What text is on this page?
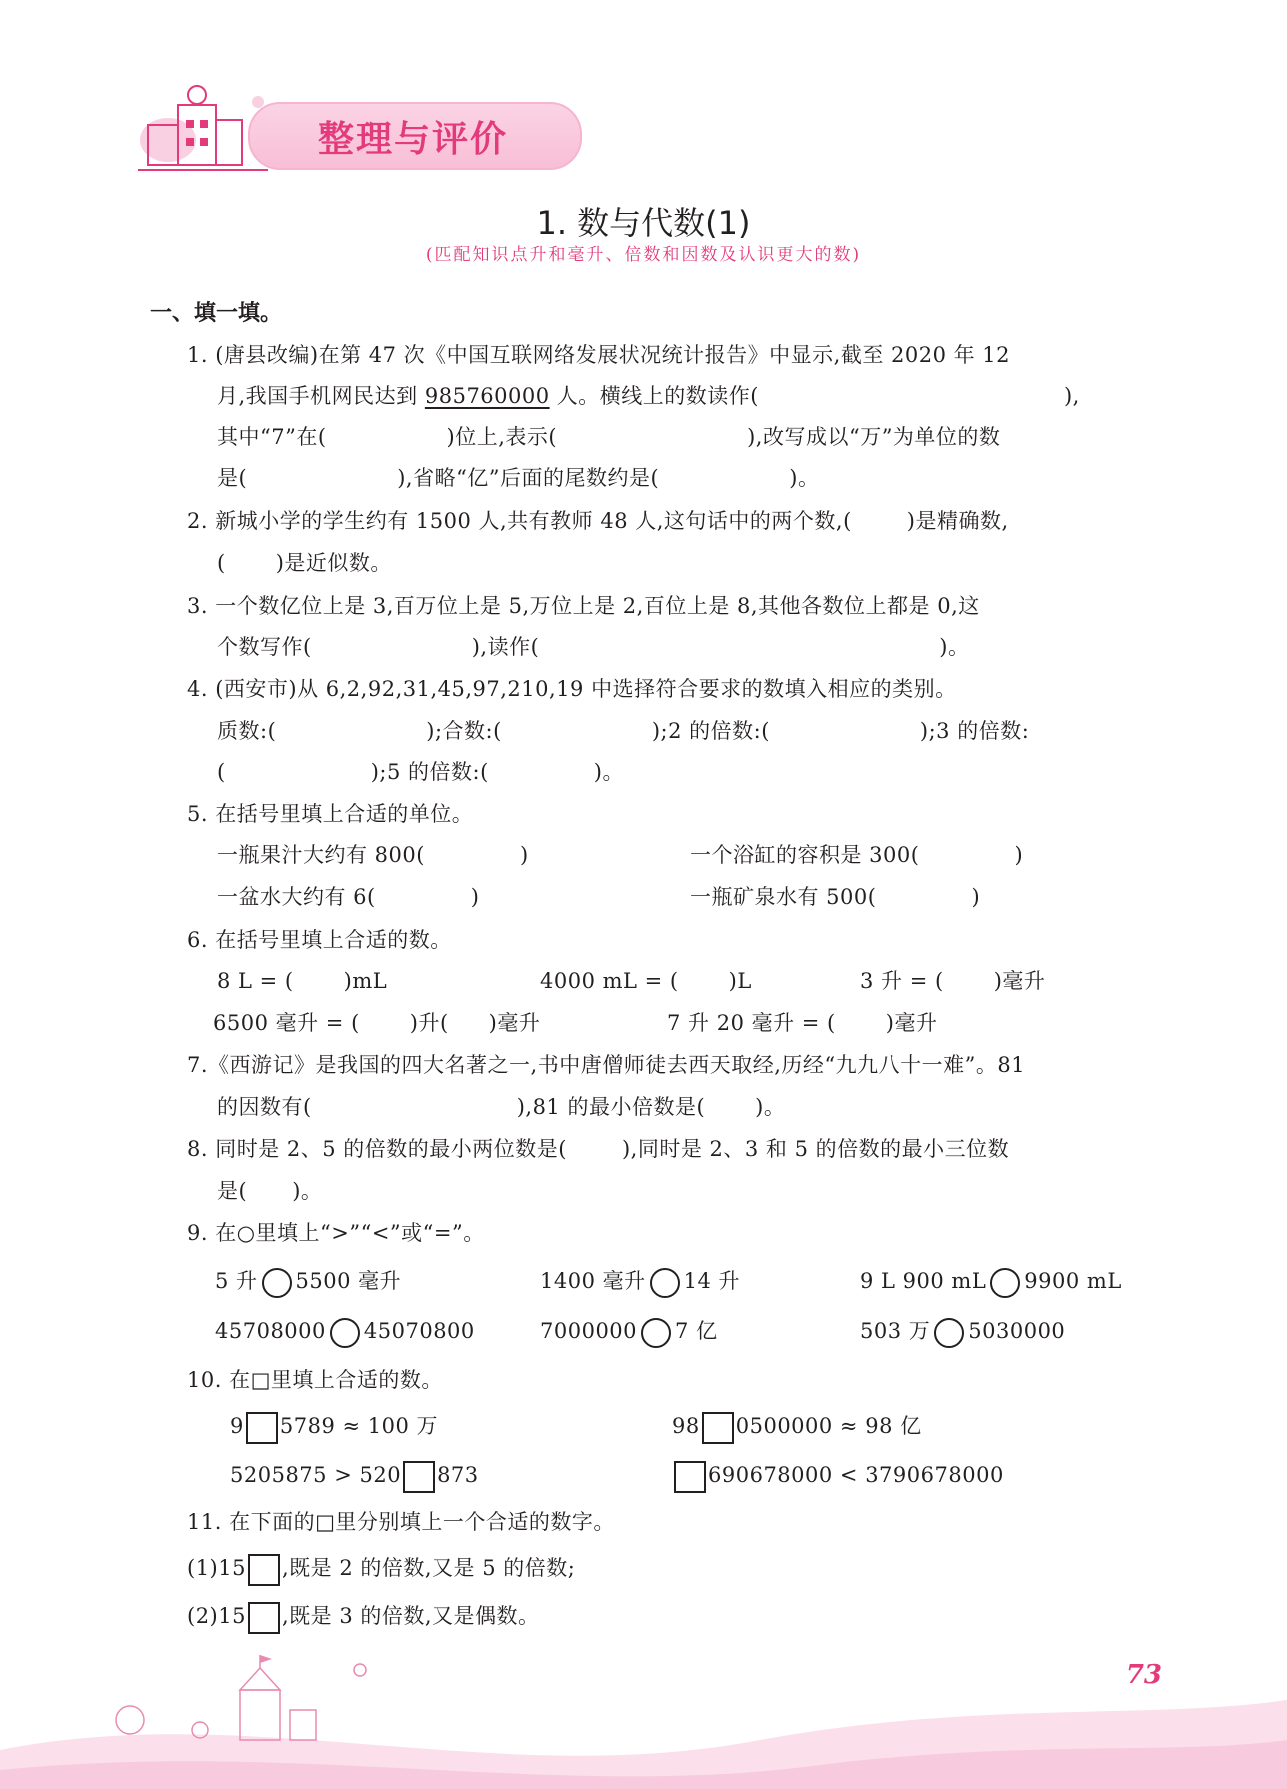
整理与评价
1. 数与代数(1)
(匹配知识点升和毫升、倍数和因数及认识更大的数)
一、填一填。
1. (唐县改编)在第 47 次《中国互联网络发展状况统计报告》中显示,截至 2020 年 12
月,我国手机网民达到 985760000 人。横线上的数读作(	),
其中“7”在(	)位上,表示(	),改写成以“万”为单位的数
是(	),省略“亿”后面的尾数约是(	)。
2. 新城小学的学生约有 1500 人,共有教师 48 人,这句话中的两个数,(	)是精确数,
( )是近似数。
3. 一个数亿位上是 3,百万位上是 5,万位上是 2,百位上是 8,其他各数位上都是 0,这
个数写作(	),读作(	)。
4. (西安市)从 6,2,92,31,45,97,210,19 中选择符合要求的数填入相应的类别。
质数:(	);合数:(	);2 的倍数:(	);3 的倍数:
(	);5 的倍数:(	)。
5. 在括号里填上合适的单位。
一瓶果汁大约有 800(	)	一个浴缸的容积是 300(	)
一盆水大约有 6(	)	一瓶矿泉水有 500(	)
6. 在括号里填上合适的数。
8 L = ( )mL	4000 mL = ( )L	3 升 = ( )毫升
6500 毫升 = ( )升( )毫升	7 升 20 毫升 = ( )毫升
7.《西游记》是我国的四大名著之一,书中唐僧师徒去西天取经,历经“九九八十一难”。81
的因数有(	),81 的最小倍数是( )。
8. 同时是 2、5 的倍数的最小两位数是(	),同时是 2、3 和 5 的倍数的最小三位数
是( )。
9. 在○里填上“>”“<”或“=”。
5 升 5500 毫升	1400 毫升 14 升	9 L 900 mL 9900 mL
45708000 45070800	7000000 7 亿	503 万 5030000
10. 在□里填上合适的数。
9 5789 ≈ 100 万	98 0500000 ≈ 98 亿
5205875 > 520 873	690678000 < 3790678000
11. 在下面的□里分别填上一个合适的数字。
(1)15 ,既是 2 的倍数,又是 5 的倍数;
(2)15 ,既是 3 的倍数,又是偶数。
73
